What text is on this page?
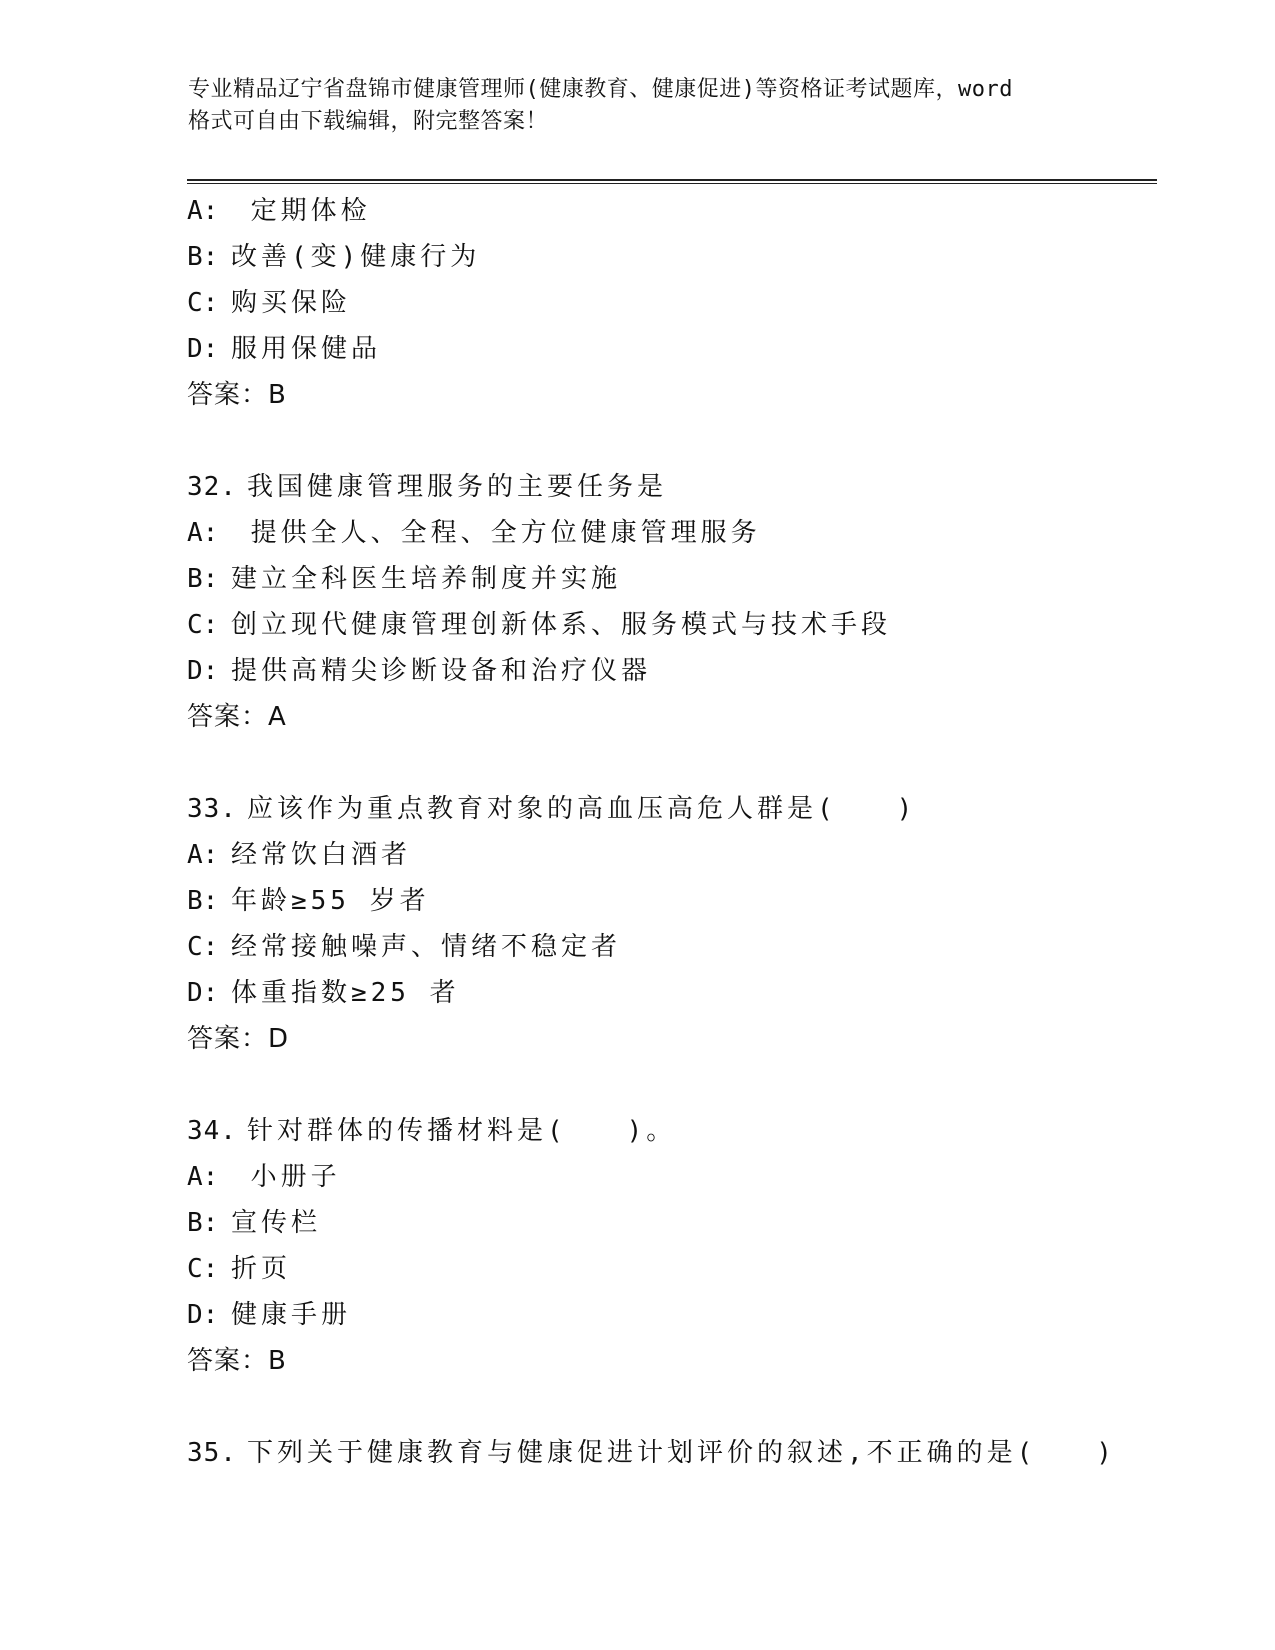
专业精品辽宁省盘锦市健康管理师(健康教育、健康促进)等资格证考试题库，word
格式可自由下载编辑，附完整答案！
A: 定期体检
B: 改善(变)健康行为
C: 购买保险
D: 服用保健品
答案：B
32. 我国健康管理服务的主要任务是
A: 提供全人、全程、全方位健康管理服务
B: 建立全科医生培养制度并实施
C: 创立现代健康管理创新体系、服务模式与技术手段
D: 提供高精尖诊断设备和治疗仪器
答案：A
33. 应该作为重点教育对象的高血压高危人群是(　　)
A: 经常饮白酒者
B: 年龄≥55 岁者
C: 经常接触噪声、情绪不稳定者
D: 体重指数≥25 者
答案：D
34. 针对群体的传播材料是(　　)。
A: 小册子
B: 宣传栏
C: 折页
D: 健康手册
答案：B
35. 下列关于健康教育与健康促进计划评价的叙述,不正确的是(　　)
